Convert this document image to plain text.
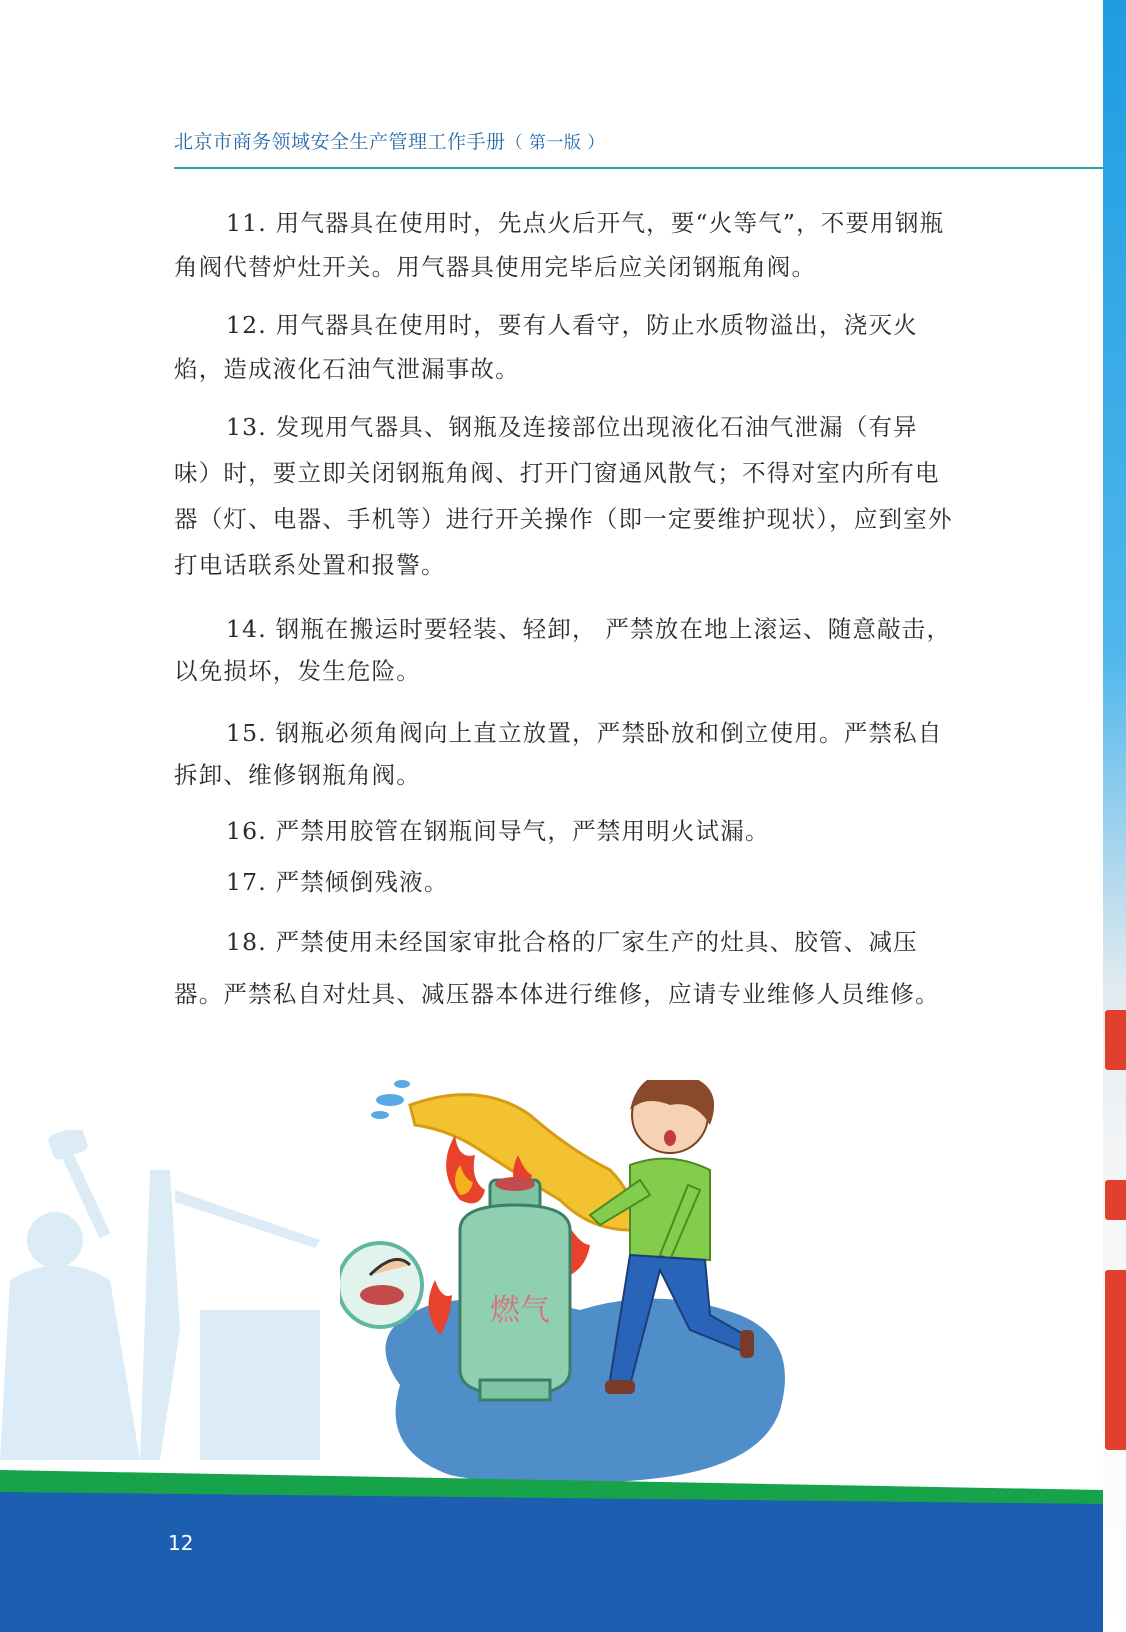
北京市商务领域安全生产管理工作手册（ 第一版 ）

11. 用气器具在使用时，先点火后开气，要“火等气”，不要用钢瓶角阀代替炉灶开关。用气器具使用完毕后应关闭钢瓶角阀。

12. 用气器具在使用时，要有人看守，防止水质物溢出，浇灭火焰，造成液化石油气泄漏事故。

13. 发现用气器具、钢瓶及连接部位出现液化石油气泄漏（有异味）时，要立即关闭钢瓶角阀、打开门窗通风散气；不得对室内所有电器（灯、电器、手机等）进行开关操作（即一定要维护现状），应到室外打电话联系处置和报警。

14. 钢瓶在搬运时要轻装、轻卸， 严禁放在地上滚运、随意敲击，以免损坏，发生危险。

15. 钢瓶必须角阀向上直立放置，严禁卧放和倒立使用。严禁私自拆卸、维修钢瓶角阀。

16. 严禁用胶管在钢瓶间导气，严禁用明火试漏。

17. 严禁倾倒残液。

18. 严禁使用未经国家审批合格的厂家生产的灶具、胶管、减压器。严禁私自对灶具、减压器本体进行维修，应请专业维修人员维修。

燃气
12
